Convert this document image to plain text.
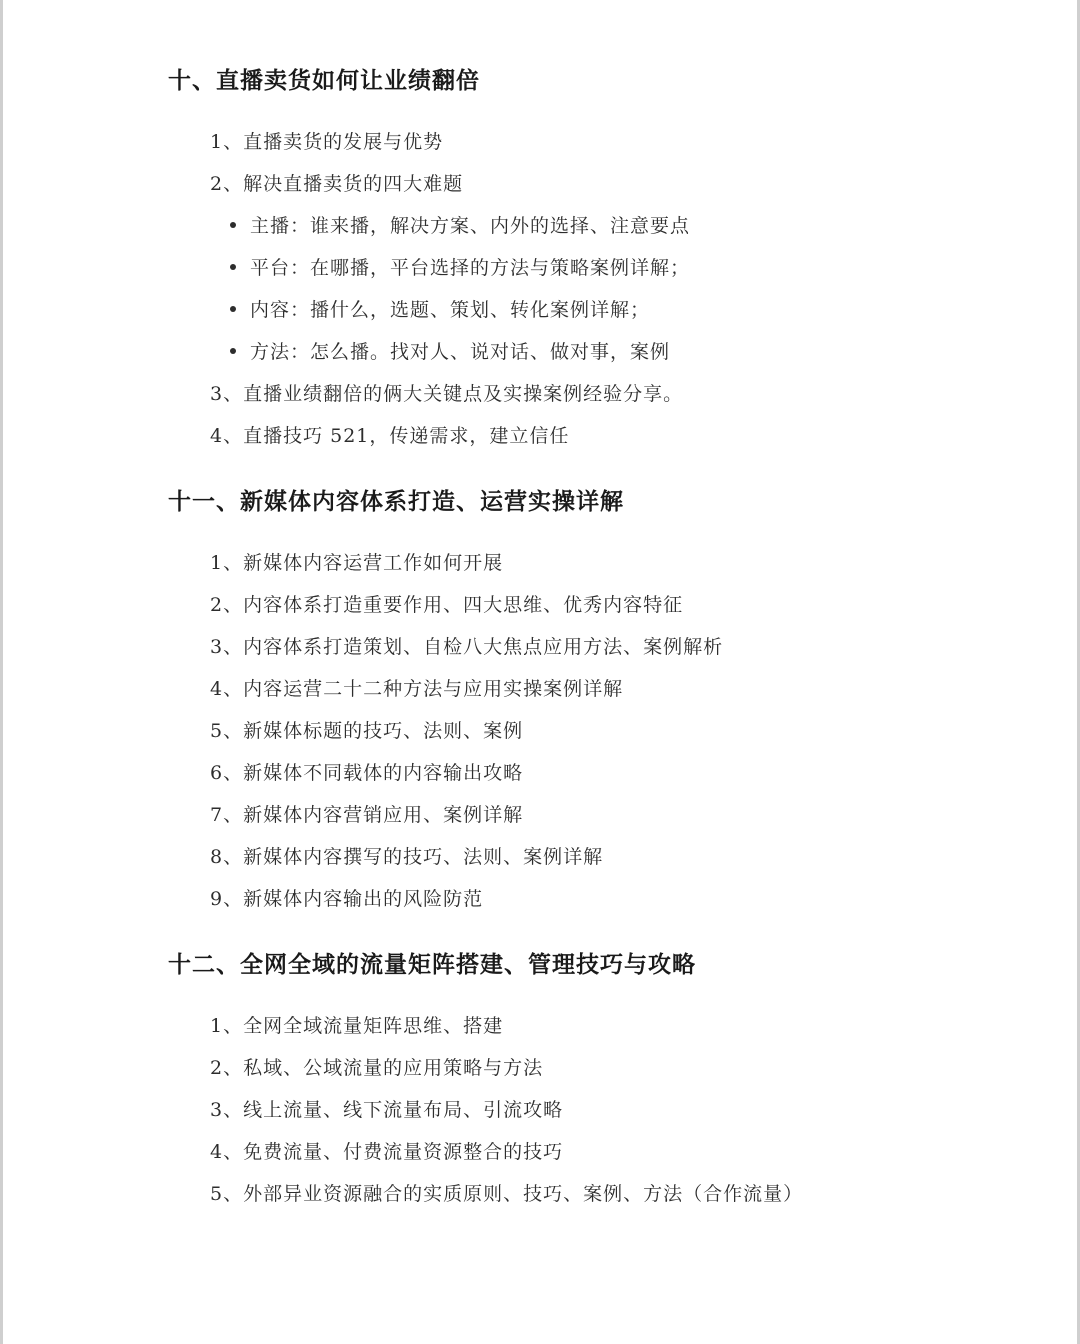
十、直播卖货如何让业绩翻倍
1、直播卖货的发展与优势
2、解决直播卖货的四大难题
主播：谁来播，解决方案、内外的选择、注意要点
平台：在哪播，平台选择的方法与策略案例详解；
内容：播什么，选题、策划、转化案例详解；
方法：怎么播。找对人、说对话、做对事，案例
3、直播业绩翻倍的俩大关键点及实操案例经验分享。
4、直播技巧 521，传递需求，建立信任
十一、新媒体内容体系打造、运营实操详解
1、新媒体内容运营工作如何开展
2、内容体系打造重要作用、四大思维、优秀内容特征
3、内容体系打造策划、自检八大焦点应用方法、案例解析
4、内容运营二十二种方法与应用实操案例详解
5、新媒体标题的技巧、法则、案例
6、新媒体不同载体的内容输出攻略
7、新媒体内容营销应用、案例详解
8、新媒体内容撰写的技巧、法则、案例详解
9、新媒体内容输出的风险防范
十二、全网全域的流量矩阵搭建、管理技巧与攻略
1、全网全域流量矩阵思维、搭建
2、私域、公域流量的应用策略与方法
3、线上流量、线下流量布局、引流攻略
4、免费流量、付费流量资源整合的技巧
5、外部异业资源融合的实质原则、技巧、案例、方法（合作流量）
